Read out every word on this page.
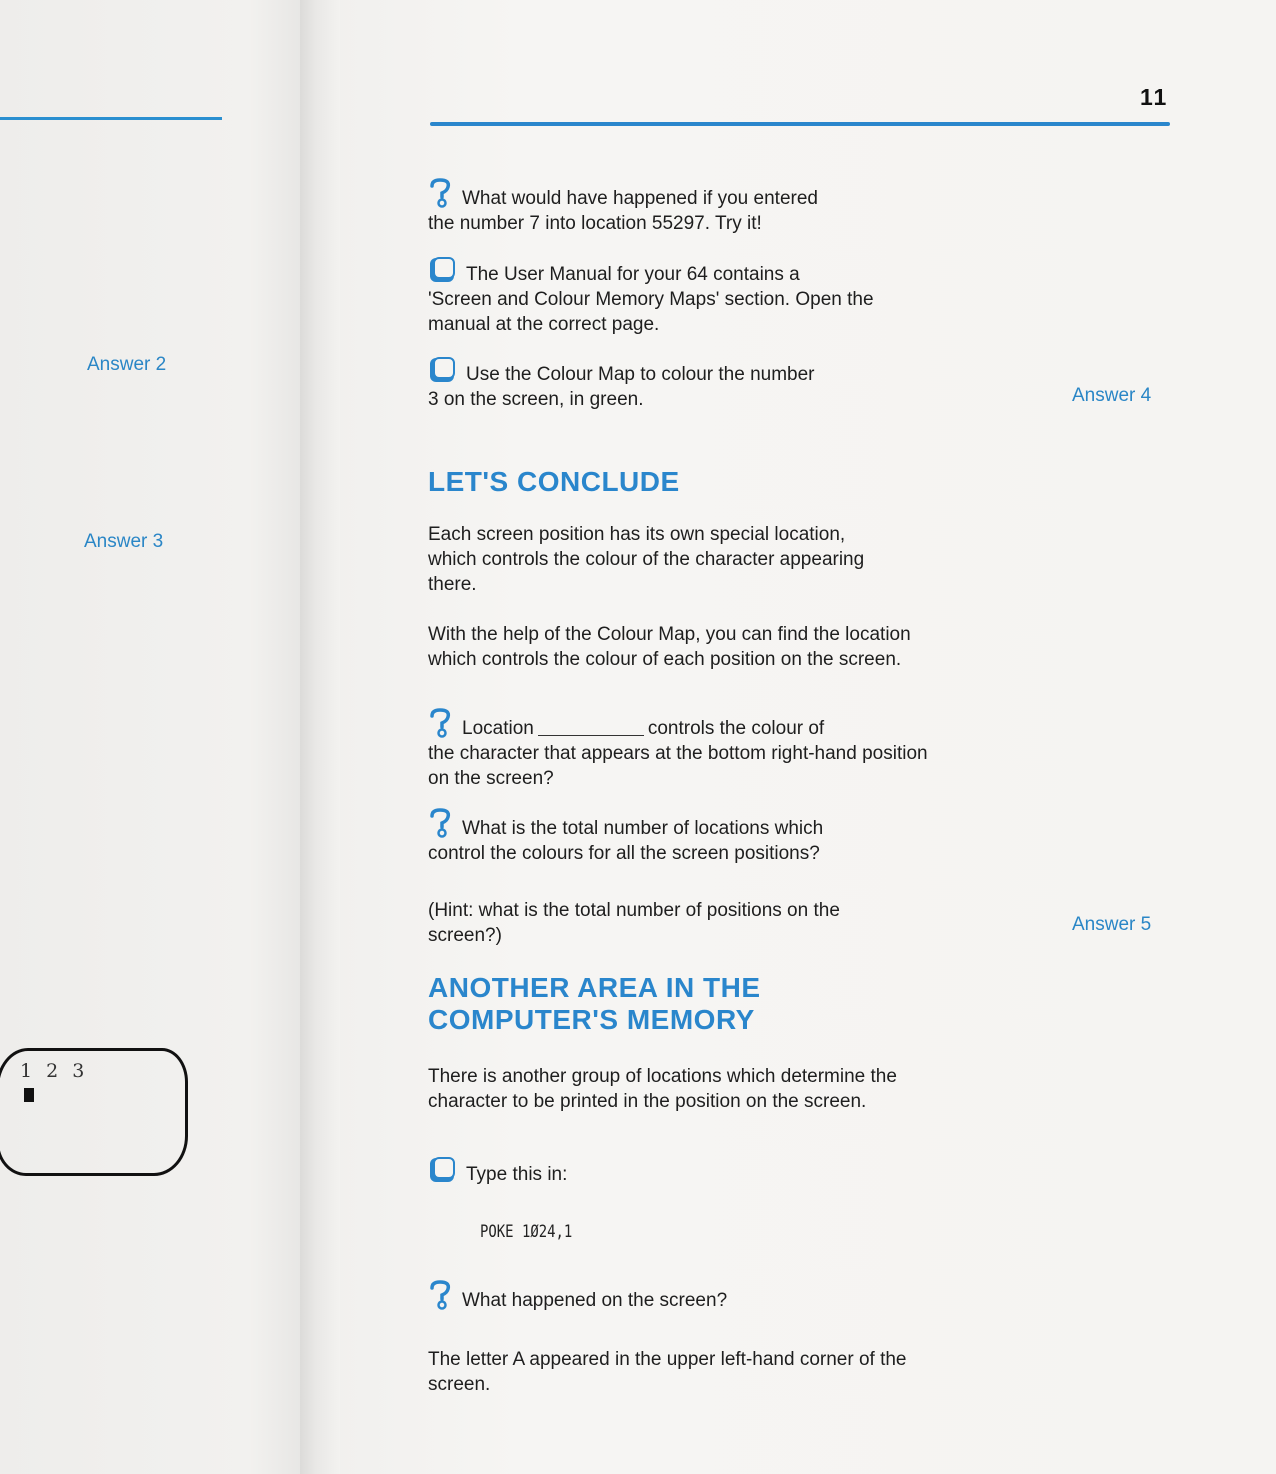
Answer 2
Answer 3
1 2 3
11
Answer 4
Answer 5
What would have happened if you entered
the number 7 into location 55297. Try it!
The User Manual for your 64 contains a
'Screen and Colour Memory Maps' section. Open the manual at the correct page.
Use the Colour Map to colour the number
3 on the screen, in green.
LET'S CONCLUDE
Each screen position has its own special location, which controls the colour of the character appearing there.
With the help of the Colour Map, you can find the location which controls the colour of each position on the screen.
Location	controls the colour of
the character that appears at the bottom right-hand position on the screen?
What is the total number of locations which
control the colours for all the screen positions?
(Hint: what is the total number of positions on the screen?)
ANOTHER AREA IN THE
COMPUTER'S MEMORY
There is another group of locations which determine the character to be printed in the position on the screen.
Type this in:
POKE 1Ø24,1
What happened on the screen?
The letter A appeared in the upper left-hand corner of the screen.
